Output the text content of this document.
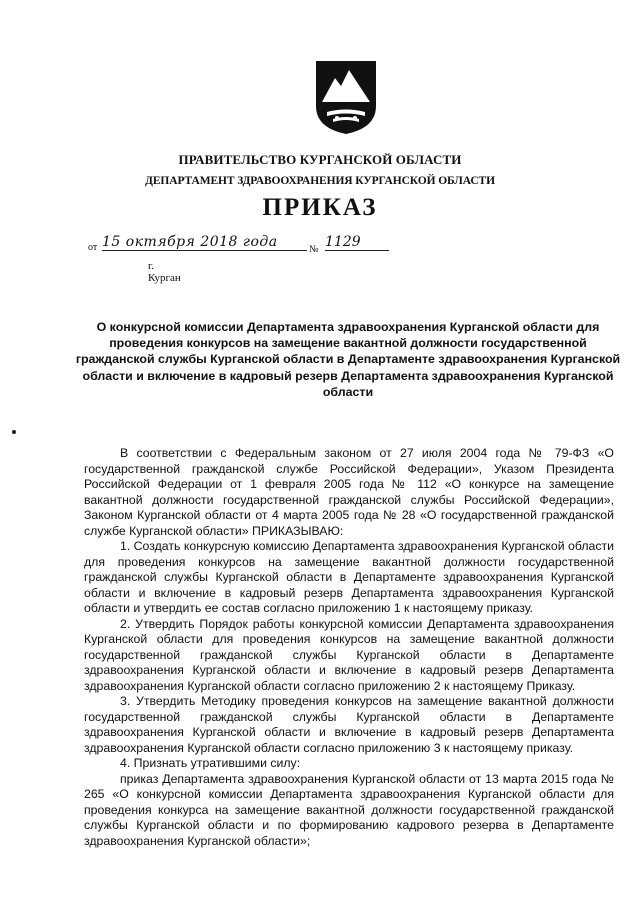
ПРАВИТЕЛЬСТВО КУРГАНСКОЙ ОБЛАСТИ
ДЕПАРТАМЕНТ ЗДРАВООХРАНЕНИЯ КУРГАНСКОЙ ОБЛАСТИ
ПРИКАЗ
от 15 октября 2018 года	№ 1129
г. Курган
О конкурсной комиссии Департамента здравоохранения Курганской области для проведения конкурсов на замещение вакантной должности государственной гражданской службы Курганской области в Департаменте здравоохранения Курганской области и включение в кадровый резерв Департамента здравоохранения Курганской области

В соответствии с Федеральным законом от 27 июля 2004 года № 79-ФЗ «О государственной гражданской службе Российской Федерации», Указом Президента Российской Федерации от 1 февраля 2005 года № 112 «О конкурсе на замещение вакантной должности государственной гражданской службы Российской Федерации», Законом Курганской области от 4 марта 2005 года № 28 «О государственной гражданской службе Курганской области» ПРИКАЗЫВАЮ:

1. Создать конкурсную комиссию Департамента здравоохранения Курганской области для проведения конкурсов на замещение вакантной должности государственной гражданской службы Курганской области в Департаменте здравоохранения Курганской области и включение в кадровый резерв Департамента здравоохранения Курганской области и утвердить ее состав согласно приложению 1 к настоящему приказу.

2. Утвердить Порядок работы конкурсной комиссии Департамента здравоохранения Курганской области для проведения конкурсов на замещение вакантной должности государственной гражданской службы Курганской области в Департаменте здравоохранения Курганской области и включение в кадровый резерв Департамента здравоохранения Курганской области согласно приложению 2 к настоящему Приказу.

3. Утвердить Методику проведения конкурсов на замещение вакантной должности государственной гражданской службы Курганской области в Департаменте здравоохранения Курганской области и включение в кадровый резерв Департамента здравоохранения Курганской области согласно приложению 3 к настоящему приказу.

4. Признать утратившими силу:

приказ Департамента здравоохранения Курганской области от 13 марта 2015 года № 265 «О конкурсной комиссии Департамента здравоохранения Курганской области для проведения конкурса на замещение вакантной должности государственной гражданской службы Курганской области и по формированию кадрового резерва в Департаменте здравоохранения Курганской области»;
